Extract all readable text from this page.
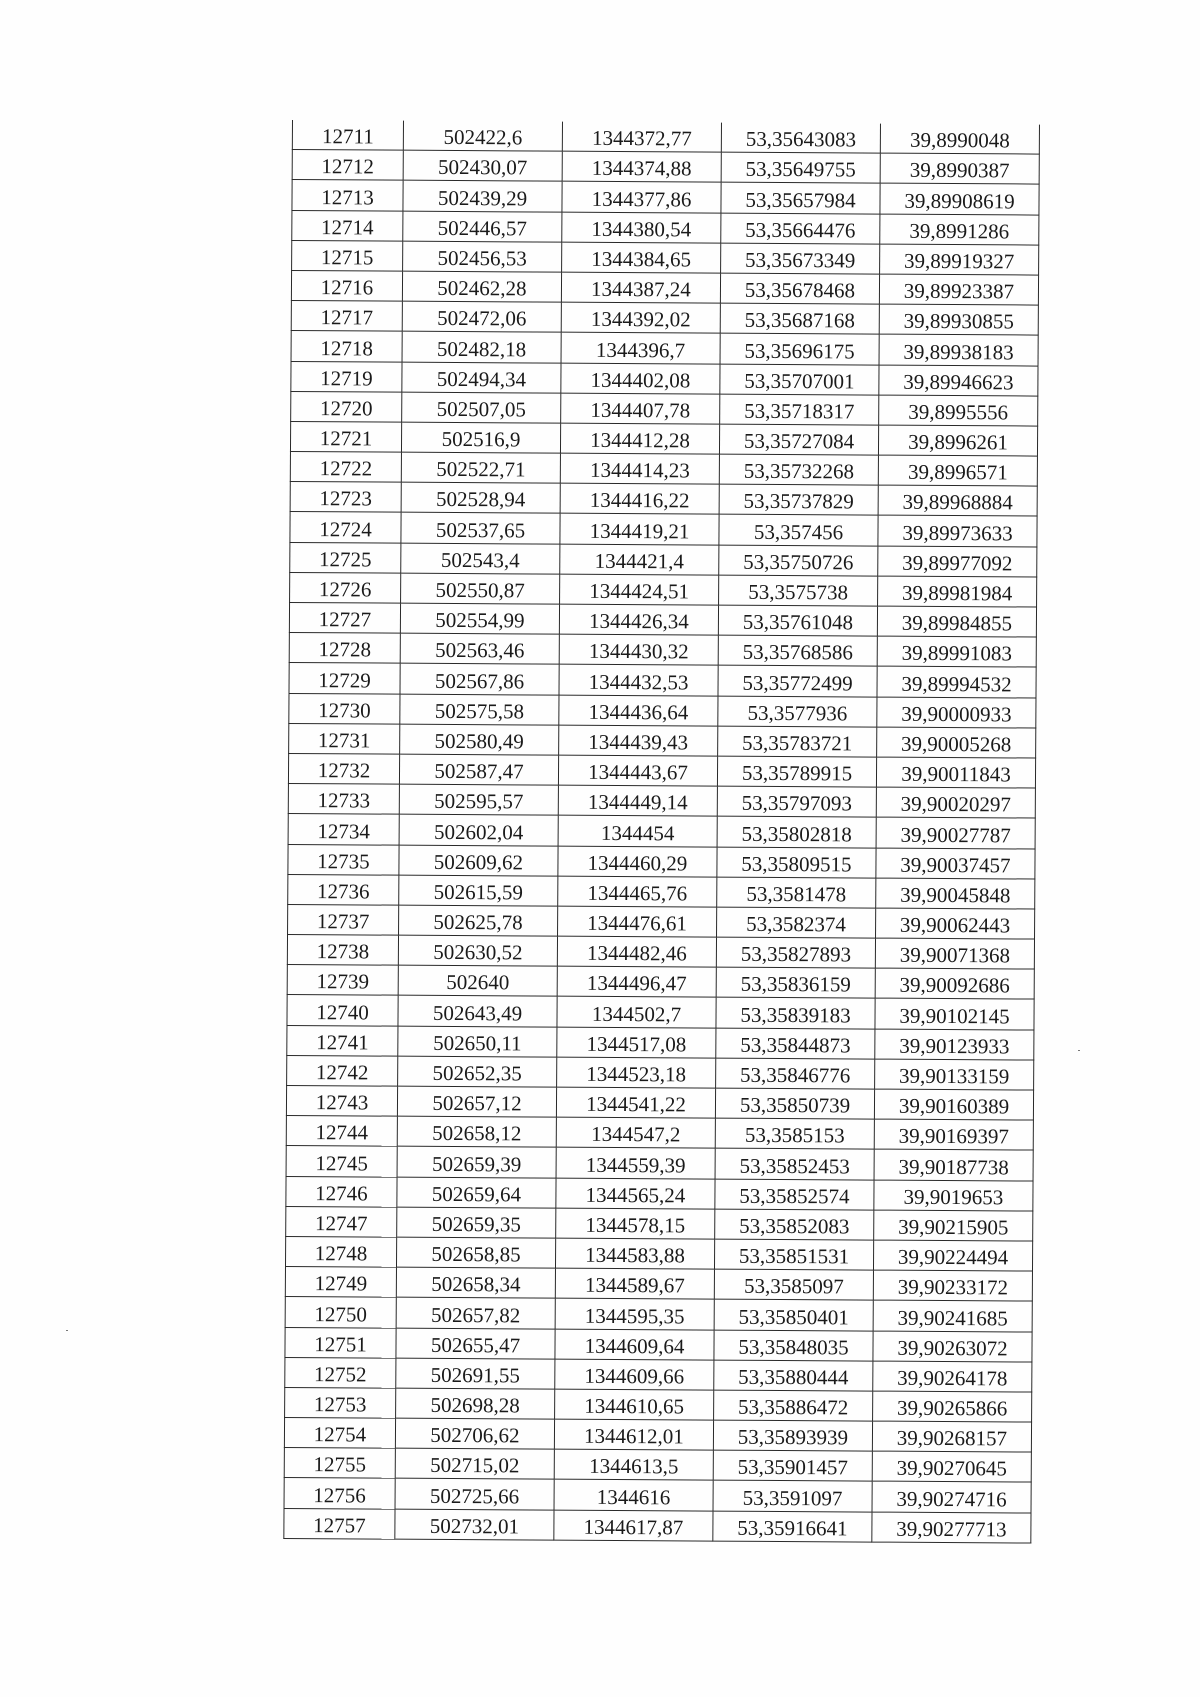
12711	502422,6	1344372,77	53,35643083	39,8990048
12712	502430,07	1344374,88	53,35649755	39,8990387
12713	502439,29	1344377,86	53,35657984	39,89908619
12714	502446,57	1344380,54	53,35664476	39,8991286
12715	502456,53	1344384,65	53,35673349	39,89919327
12716	502462,28	1344387,24	53,35678468	39,89923387
12717	502472,06	1344392,02	53,35687168	39,89930855
12718	502482,18	1344396,7	53,35696175	39,89938183
12719	502494,34	1344402,08	53,35707001	39,89946623
12720	502507,05	1344407,78	53,35718317	39,8995556
12721	502516,9	1344412,28	53,35727084	39,8996261
12722	502522,71	1344414,23	53,35732268	39,8996571
12723	502528,94	1344416,22	53,35737829	39,89968884
12724	502537,65	1344419,21	53,357456	39,89973633
12725	502543,4	1344421,4	53,35750726	39,89977092
12726	502550,87	1344424,51	53,3575738	39,89981984
12727	502554,99	1344426,34	53,35761048	39,89984855
12728	502563,46	1344430,32	53,35768586	39,89991083
12729	502567,86	1344432,53	53,35772499	39,89994532
12730	502575,58	1344436,64	53,3577936	39,90000933
12731	502580,49	1344439,43	53,35783721	39,90005268
12732	502587,47	1344443,67	53,35789915	39,90011843
12733	502595,57	1344449,14	53,35797093	39,90020297
12734	502602,04	1344454	53,35802818	39,90027787
12735	502609,62	1344460,29	53,35809515	39,90037457
12736	502615,59	1344465,76	53,3581478	39,90045848
12737	502625,78	1344476,61	53,3582374	39,90062443
12738	502630,52	1344482,46	53,35827893	39,90071368
12739	502640	1344496,47	53,35836159	39,90092686
12740	502643,49	1344502,7	53,35839183	39,90102145
12741	502650,11	1344517,08	53,35844873	39,90123933
12742	502652,35	1344523,18	53,35846776	39,90133159
12743	502657,12	1344541,22	53,35850739	39,90160389
12744	502658,12	1344547,2	53,3585153	39,90169397
12745	502659,39	1344559,39	53,35852453	39,90187738
12746	502659,64	1344565,24	53,35852574	39,9019653
12747	502659,35	1344578,15	53,35852083	39,90215905
12748	502658,85	1344583,88	53,35851531	39,90224494
12749	502658,34	1344589,67	53,3585097	39,90233172
12750	502657,82	1344595,35	53,35850401	39,90241685
12751	502655,47	1344609,64	53,35848035	39,90263072
12752	502691,55	1344609,66	53,35880444	39,90264178
12753	502698,28	1344610,65	53,35886472	39,90265866
12754	502706,62	1344612,01	53,35893939	39,90268157
12755	502715,02	1344613,5	53,35901457	39,90270645
12756	502725,66	1344616	53,3591097	39,90274716
12757	502732,01	1344617,87	53,35916641	39,90277713
